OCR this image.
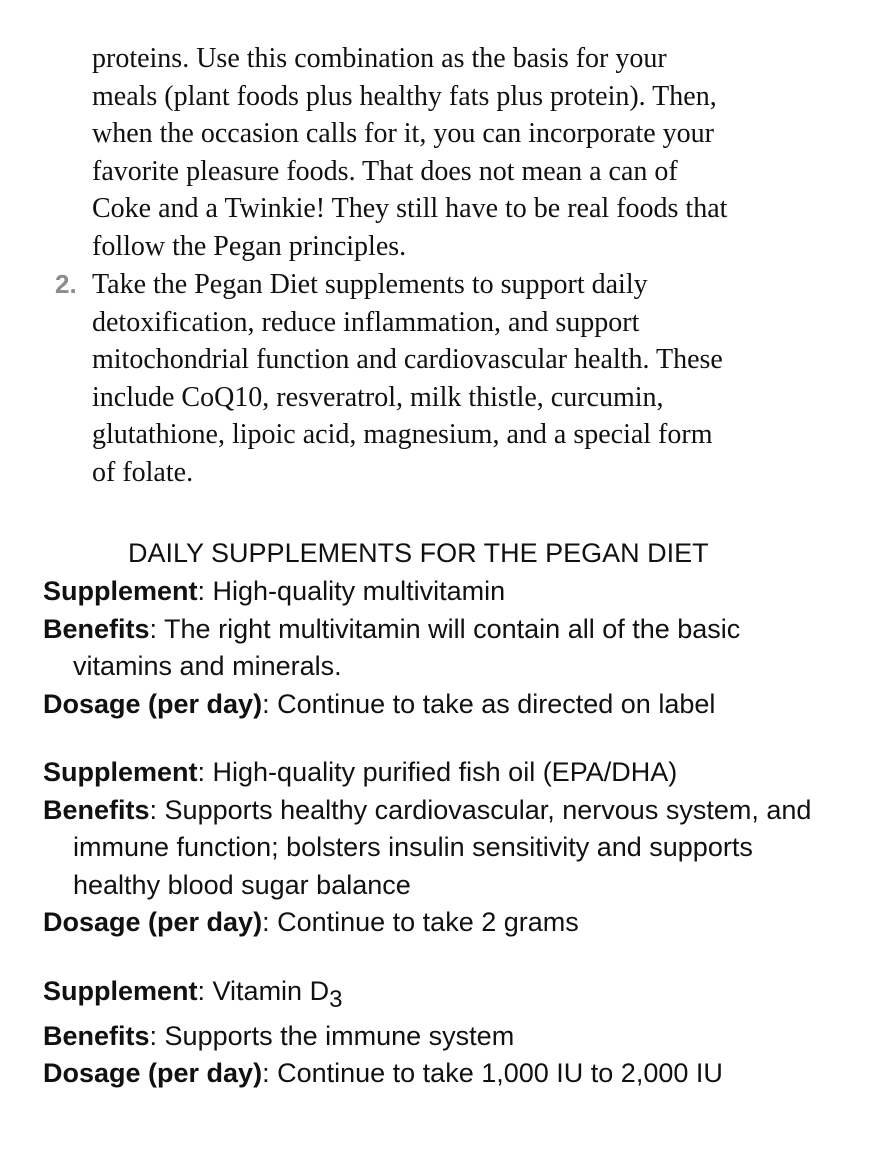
proteins. Use this combination as the basis for your
meals (plant foods plus healthy fats plus protein). Then,
when the occasion calls for it, you can incorporate your
favorite pleasure foods. That does not mean a can of
Coke and a Twinkie! They still have to be real foods that
follow the Pegan principles.
2. Take the Pegan Diet supplements to support daily
detoxification, reduce inflammation, and support
mitochondrial function and cardiovascular health. These
include CoQ10, resveratrol, milk thistle, curcumin,
glutathione, lipoic acid, magnesium, and a special form
of folate.
DAILY SUPPLEMENTS FOR THE PEGAN DIET
Supplement: High-quality multivitamin
Benefits: The right multivitamin will contain all of the basic vitamins and minerals.
Dosage (per day): Continue to take as directed on label
Supplement: High-quality purified fish oil (EPA/DHA)
Benefits: Supports healthy cardiovascular, nervous system, and immune function; bolsters insulin sensitivity and supports healthy blood sugar balance
Dosage (per day): Continue to take 2 grams
Supplement: Vitamin D3
Benefits: Supports the immune system
Dosage (per day): Continue to take 1,000 IU to 2,000 IU
